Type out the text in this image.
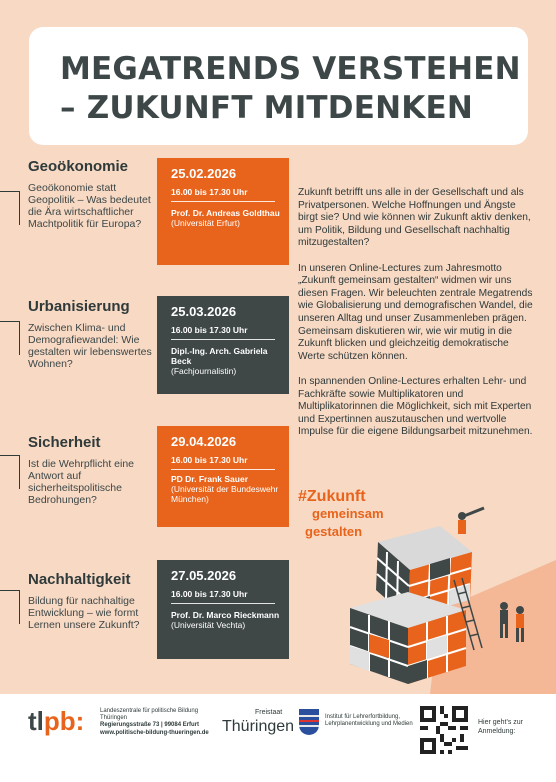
MEGATRENDS VERSTEHEN
– ZUKUNFT MITDENKEN
Geoökonomie
Geoökonomie statt Geopolitik – Was bedeutet die Ära wirtschaftlicher Machtpolitik für Europa?
25.02.2026
16.00 bis 17.30 Uhr
Prof. Dr. Andreas Goldthau
(Universität Erfurt)
Urbanisierung
Zwischen Klima- und Demografiewandel: Wie gestalten wir lebenswertes Wohnen?
25.03.2026
16.00 bis 17.30 Uhr
Dipl.-Ing. Arch. Gabriela Beck
(Fachjournalistin)
Sicherheit
Ist die Wehrpflicht eine Antwort auf sicherheitspolitische Bedrohungen?
29.04.2026
16.00 bis 17.30 Uhr
PD Dr. Frank Sauer
(Universität der Bundeswehr München)
Nachhaltigkeit
Bildung für nachhaltige Entwicklung – wie formt Lernen unsere Zukunft?
27.05.2026
16.00 bis 17.30 Uhr
Prof. Dr. Marco Rieckmann
(Universität Vechta)

Zukunft betrifft uns alle in der Gesellschaft und als Privatpersonen. Welche Hoffnungen und Ängste birgt sie? Und wie können wir Zukunft aktiv denken, um Politik, Bildung und Gesellschaft nachhaltig mitzugestalten?

In unseren Online-Lectures zum Jahresmotto „Zukunft gemeinsam gestalten“ widmen wir uns diesen Fragen. Wir beleuchten zentrale Megatrends wie Globalisierung und demografischen Wandel, die unseren Alltag und unser Zusammenleben prägen. Gemeinsam diskutieren wir, wie wir mutig in die Zukunft blicken und gleichzeitig demokratische Werte schützen können.

In spannenden Online-Lectures erhalten Lehr- und Fachkräfte sowie Multiplikatoren und Multiplikatorinnen die Möglichkeit, sich mit Experten und Expertinnen auszutauschen und wertvolle Impulse für die eigene Bildungsarbeit mitzunehmen.

#Zukunft
gemeinsam
gestalten
tlpb:	Landeszentrale für politische Bildung Thüringen
Regierungsstraße 73 | 99084 Erfurt
www.politische-bildung-thueringen.de
Freistaat
Thüringen
Institut für Lehrerfortbildung, Lehrplanentwicklung und Medien	Hier geht’s zur Anmeldung:
